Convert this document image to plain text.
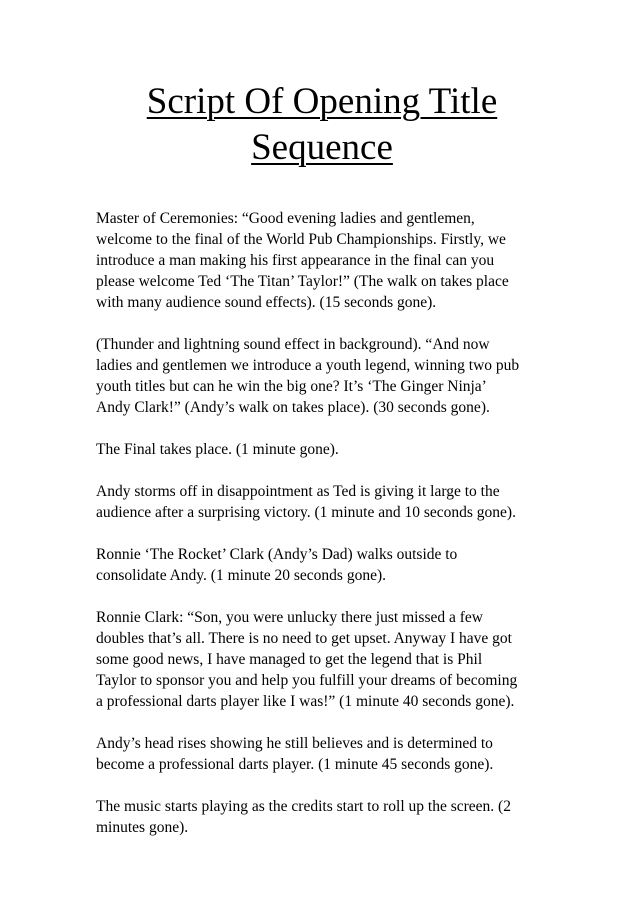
Script Of Opening Title Sequence

Master of Ceremonies: “Good evening ladies and gentlemen,
welcome to the final of the World Pub Championships. Firstly, we
introduce a man making his first appearance in the final can you
please welcome Ted ‘The Titan’ Taylor!” (The walk on takes place
with many audience sound effects). (15 seconds gone).

(Thunder and lightning sound effect in background). “And now
ladies and gentlemen we introduce a youth legend, winning two pub
youth titles but can he win the big one? It’s ‘The Ginger Ninja’
Andy Clark!” (Andy’s walk on takes place). (30 seconds gone).

The Final takes place. (1 minute gone).

Andy storms off in disappointment as Ted is giving it large to the
audience after a surprising victory. (1 minute and 10 seconds gone).

Ronnie ‘The Rocket’ Clark (Andy’s Dad) walks outside to
consolidate Andy. (1 minute 20 seconds gone).

Ronnie Clark: “Son, you were unlucky there just missed a few
doubles that’s all. There is no need to get upset. Anyway I have got
some good news, I have managed to get the legend that is Phil
Taylor to sponsor you and help you fulfill your dreams of becoming
a professional darts player like I was!” (1 minute 40 seconds gone).

Andy’s head rises showing he still believes and is determined to
become a professional darts player. (1 minute 45 seconds gone).

The music starts playing as the credits start to roll up the screen. (2
minutes gone).
